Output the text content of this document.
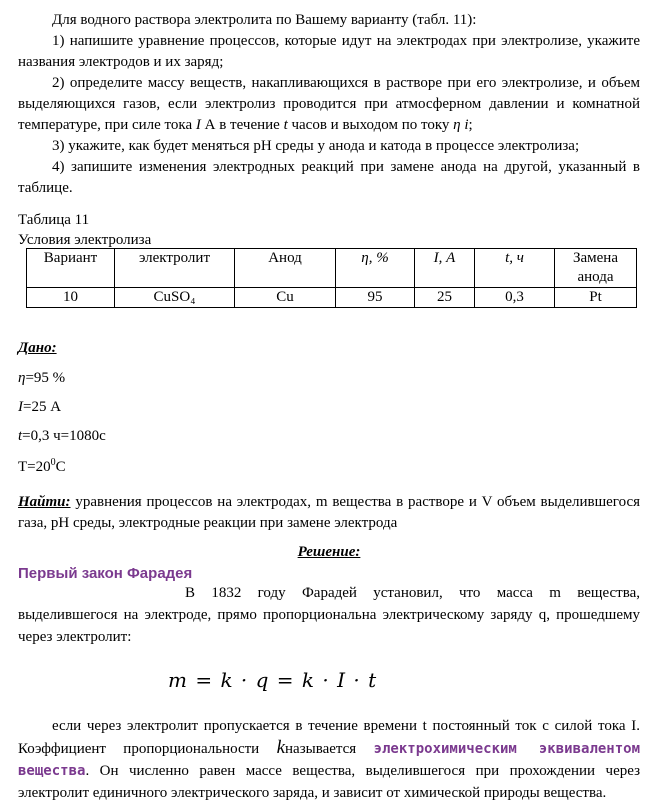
Для водного раствора электролита по Вашему варианту (табл. 11):

1) напишите уравнение процессов, которые идут на электродах при электролизе, укажите названия электродов и их заряд;

2) определите массу веществ, накапливающихся в растворе при его электролизе, и объем выделяющихся газов, если электролиз проводится при атмосферном давлении и комнатной температуре, при силе тока I А в течение t часов и выходом по току η i;

3) укажите, как будет меняться pH среды у анода и катода в процессе электролиза;

4) запишите изменения электродных реакций при замене анода на другой, указанный в таблице.

Таблица 11

Условия электролиза

Вариант	электролит	Анод	η, %	I, А	t, ч	Замена анода
10	CuSO₄	Cu	95	25	0,3	Pt

Дано:

η=95 %

I=25 А

t=0,3 ч=1080с

$T=20^0С$

Найти: уравнения процессов на электродах, m вещества в растворе и V объем выделившегося газа, pH среды, электродные реакции при замене электрода

Решение:

Первый закон Фарадея

В 1832 году Фарадей установил, что масса m вещества, выделившегося на электроде, прямо пропорциональна электрическому заряду q, прошедшему через электролит:

m = k · q = k · I · t

если через электролит пропускается в течение времени t постоянный ток с силой тока I. Коэффициент пропорциональности kназывается электрохимическим эквивалентом вещества. Он численно равен массе вещества, выделившегося при прохождении через электролит единичного электрического заряда, и зависит от химической природы вещества.
